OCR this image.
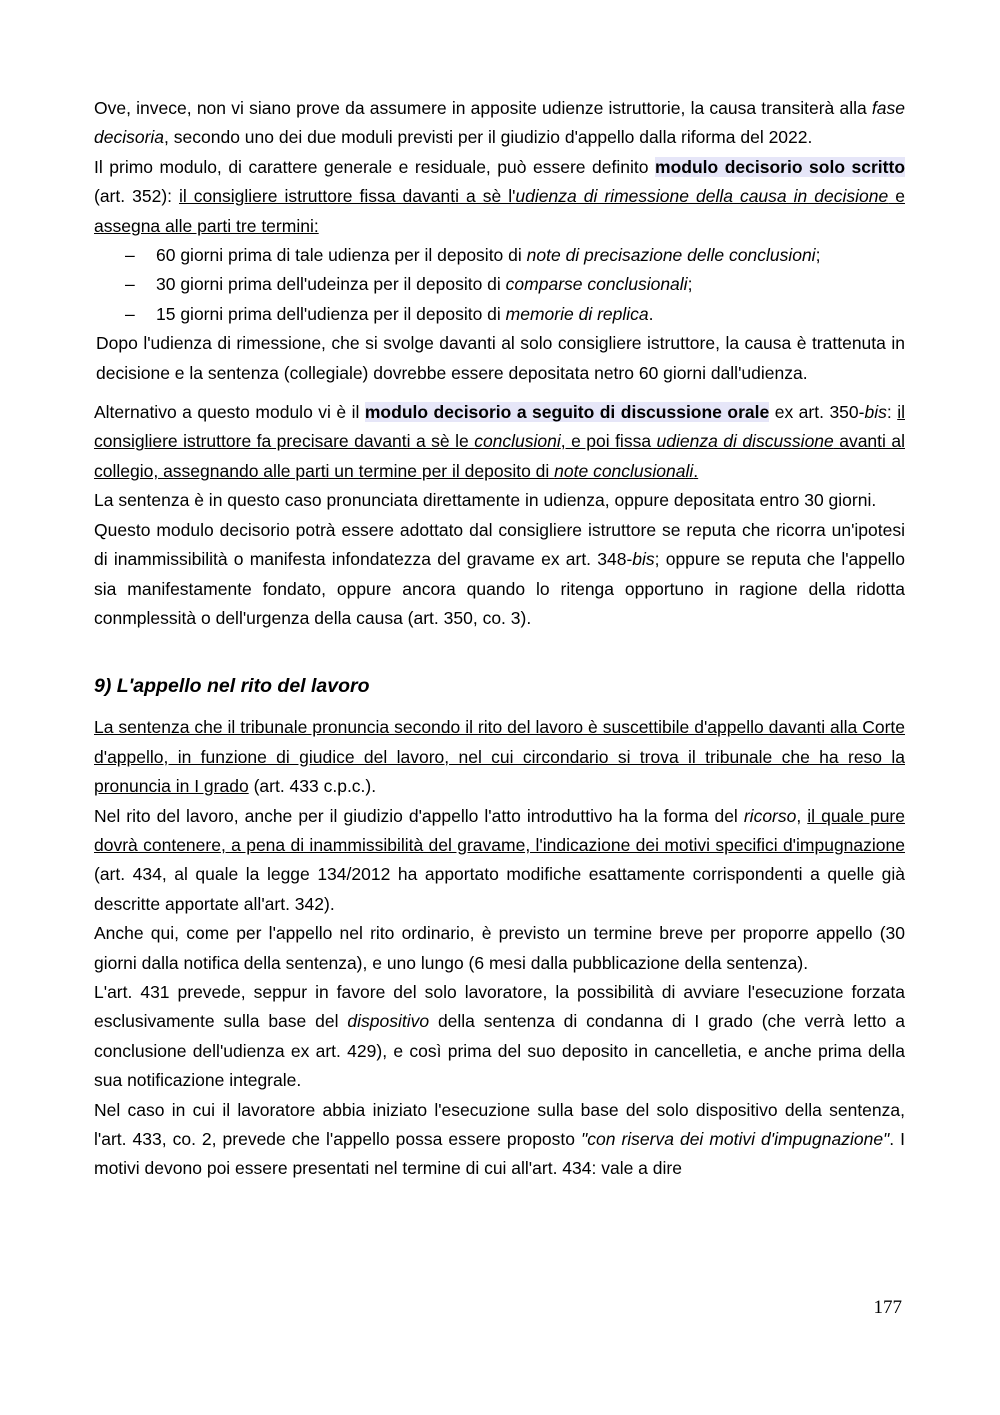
Ove, invece, non vi siano prove da assumere in apposite udienze istruttorie, la causa transiterà alla fase decisoria, secondo uno dei due moduli previsti per il giudizio d'appello dalla riforma del 2022.

Il primo modulo, di carattere generale e residuale, può essere definito modulo decisorio solo scritto (art. 352): il consigliere istruttore fissa davanti a sè l'udienza di rimessione della causa in decisione e assegna alle parti tre termini:

– 60 giorni prima di tale udienza per il deposito di note di precisazione delle conclusioni;
– 30 giorni prima dell'udeinza per il deposito di comparse conclusionali;
– 15 giorni prima dell'udienza per il deposito di memorie di replica.

Dopo l'udienza di rimessione, che si svolge davanti al solo consigliere istruttore, la causa è trattenuta in decisione e la sentenza (collegiale) dovrebbe essere depositata netro 60 giorni dall'udienza.

Alternativo a questo modulo vi è il modulo decisorio a seguito di discussione orale ex art. 350-bis: il consigliere istruttore fa precisare davanti a sè le conclusioni, e poi fissa udienza di discussione avanti al collegio, assegnando alle parti un termine per il deposito di note conclusionali.

La sentenza è in questo caso pronunciata direttamente in udienza, oppure depositata entro 30 giorni.

Questo modulo decisorio potrà essere adottato dal consigliere istruttore se reputa che ricorra un'ipotesi di inammissibilità o manifesta infondatezza del gravame ex art. 348-bis; oppure se reputa che l'appello sia manifestamente fondato, oppure ancora quando lo ritenga opportuno in ragione della ridotta conmplessità o dell'urgenza della causa (art. 350, co. 3).

9) L'appello nel rito del lavoro

La sentenza che il tribunale pronuncia secondo il rito del lavoro è suscettibile d'appello davanti alla Corte d'appello, in funzione di giudice del lavoro, nel cui circondario si trova il tribunale che ha reso la pronuncia in I grado (art. 433 c.p.c.).

Nel rito del lavoro, anche per il giudizio d'appello l'atto introduttivo ha la forma del ricorso, il quale pure dovrà contenere, a pena di inammissibilità del gravame, l'indicazione dei motivi specifici d'impugnazione (art. 434, al quale la legge 134/2012 ha apportato modifiche esattamente corrispondenti a quelle già descritte apportate all'art. 342).

Anche qui, come per l'appello nel rito ordinario, è previsto un termine breve per proporre appello (30 giorni dalla notifica della sentenza), e uno lungo (6 mesi dalla pubblicazione della sentenza).

L'art. 431 prevede, seppur in favore del solo lavoratore, la possibilità di avviare l'esecuzione forzata esclusivamente sulla base del dispositivo della sentenza di condanna di I grado (che verrà letto a conclusione dell'udienza ex art. 429), e così prima del suo deposito in cancelletia, e anche prima della sua notificazione integrale.

Nel caso in cui il lavoratore abbia iniziato l'esecuzione sulla base del solo dispositivo della sentenza, l'art. 433, co. 2, prevede che l'appello possa essere proposto "con riserva dei motivi d'impugnazione". I motivi devono poi essere presentati nel termine di cui all'art. 434: vale a dire

177
